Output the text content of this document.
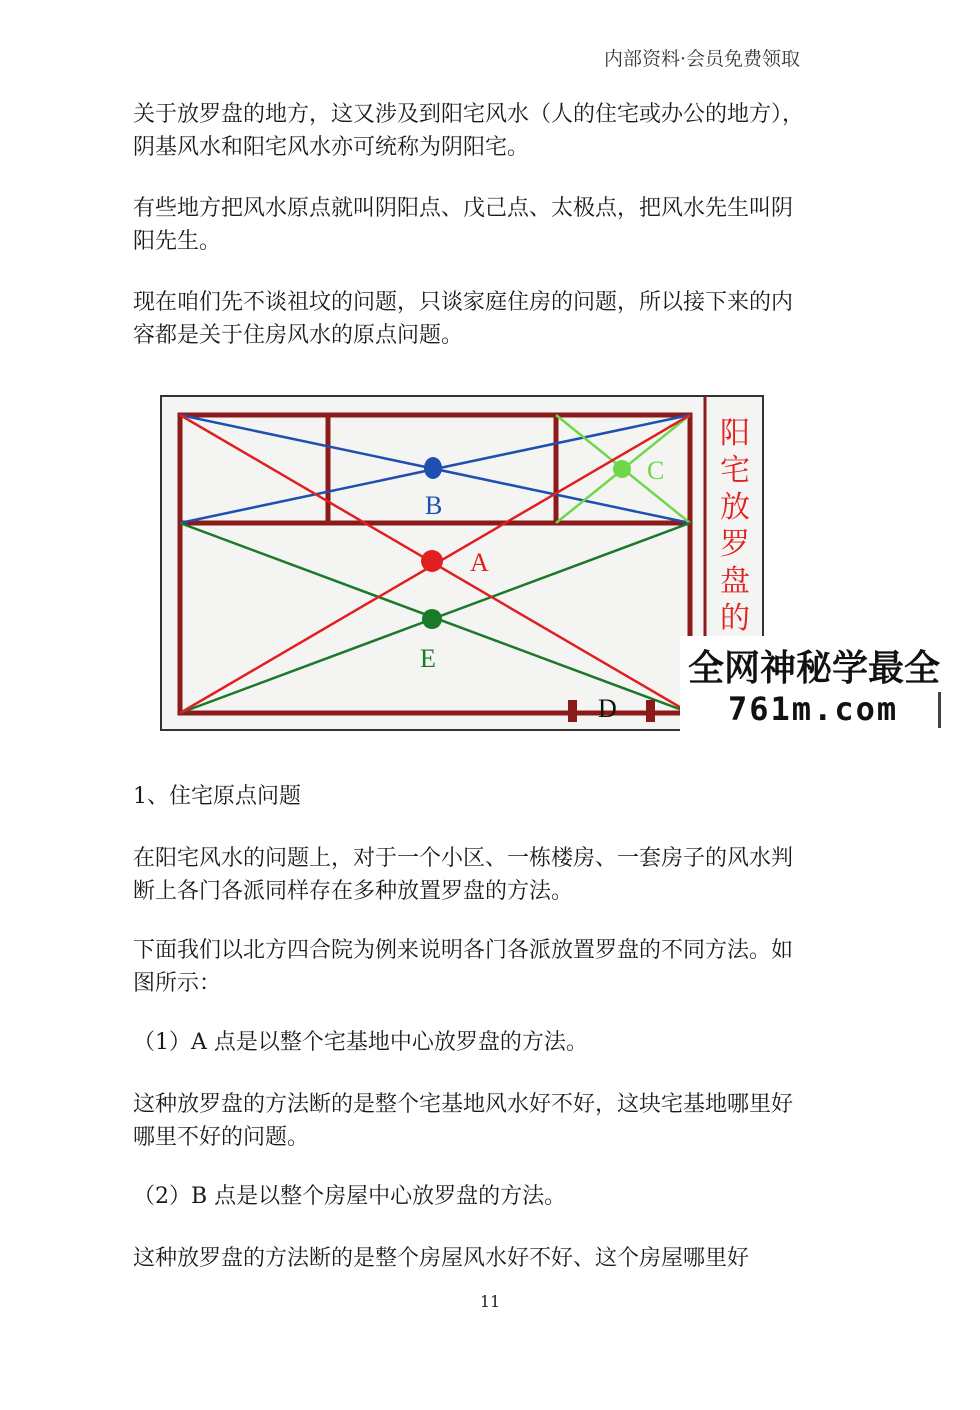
内部资料·会员免费领取

关于放罗盘的地方，这又涉及到阳宅风水（人的住宅或办公的地方），阴基风水和阳宅风水亦可统称为阴阳宅。

有些地方把风水原点就叫阴阳点、戊己点、太极点，把风水先生叫阴阳先生。

现在咱们先不谈祖坟的问题，只谈家庭住房的问题，所以接下来的内容都是关于住房风水的原点问题。

B
C
A
E
D
阳宅放罗盘的
全网神秘学最全
761m.com

1、住宅原点问题

在阳宅风水的问题上，对于一个小区、一栋楼房、一套房子的风水判断上各门各派同样存在多种放置罗盘的方法。

下面我们以北方四合院为例来说明各门各派放置罗盘的不同方法。如图所示：

（1）A 点是以整个宅基地中心放罗盘的方法。

这种放罗盘的方法断的是整个宅基地风水好不好，这块宅基地哪里好哪里不好的问题。

（2）B 点是以整个房屋中心放罗盘的方法。

这种放罗盘的方法断的是整个房屋风水好不好、这个房屋哪里好

11
